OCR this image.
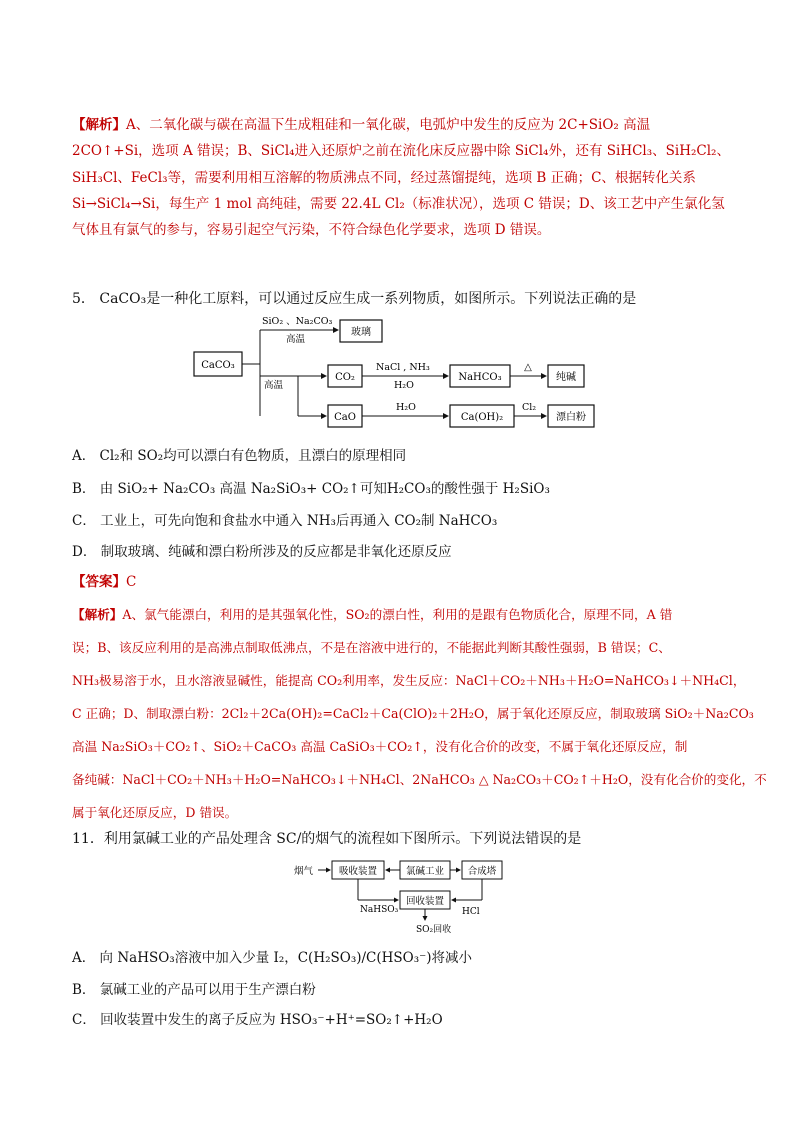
【解析】A、二氧化碳与碳在高温下生成粗硅和一氧化碳，电弧炉中发生的反应为 2C+SiO₂ 高温 2CO↑+Si，选项 A 错误；B、SiCl₄进入还原炉之前在流化床反应器中除 SiCl₄外，还有 SiHCl₃、SiH₂Cl₂、SiH₃Cl、FeCl₃等，需要利用相互溶解的物质沸点不同，经过蒸馏提纯，选项 B 正确；C、根据转化关系 Si→SiCl₄→Si，每生产 1 mol 高纯硅，需要 22.4L Cl₂（标准状况），选项 C 错误；D、该工艺中产生氯化氢气体且有氯气的参与，容易引起空气污染，不符合绿色化学要求，选项 D 错误。
5． CaCO₃是一种化工原料，可以通过反应生成一系列物质，如图所示。下列说法正确的是
CaCO₃
SiO₂ 、Na₂CO₃
高温
玻璃
高温
CO₂
NaCl , NH₃
H₂O
NaHCO₃
△
纯碱
CaO
H₂O
Ca(OH)₂
Cl₂
漂白粉
A． Cl₂和 SO₂均可以漂白有色物质，且漂白的原理相同
B． 由 SiO₂+ Na₂CO₃ 高温 Na₂SiO₃+ CO₂↑可知H₂CO₃的酸性强于 H₂SiO₃
C． 工业上，可先向饱和食盐水中通入 NH₃后再通入 CO₂制 NaHCO₃
D． 制取玻璃、纯碱和漂白粉所涉及的反应都是非氧化还原反应
【答案】C
【解析】A、氯气能漂白，利用的是其强氧化性，SO₂的漂白性，利用的是跟有色物质化合，原理不同，A 错
误；B、该反应利用的是高沸点制取低沸点，不是在溶液中进行的，不能据此判断其酸性强弱，B 错误；C、
NH₃极易溶于水，且水溶液显碱性，能提高 CO₂利用率，发生反应：NaCl＋CO₂＋NH₃＋H₂O=NaHCO₃↓＋NH₄Cl，
C 正确；D、制取漂白粉：2Cl₂＋2Ca(OH)₂=CaCl₂＋Ca(ClO)₂＋2H₂O，属于氧化还原反应，制取玻璃 SiO₂＋Na₂CO₃
高温 Na₂SiO₃＋CO₂↑、SiO₂＋CaCO₃ 高温 CaSiO₃＋CO₂↑，没有化合价的改变，不属于氧化还原反应，制
备纯碱：NaCl＋CO₂＋NH₃＋H₂O=NaHCO₃↓＋NH₄Cl、2NaHCO₃ △ Na₂CO₃＋CO₂↑＋H₂O，没有化合价的变化，不
属于氧化还原反应，D 错误。
11．利用氯碱工业的产品处理含 SC/的烟气的流程如下图所示。下列说法错误的是
烟气	吸收装置	氯碱工业 合成塔
NaHSO₃
回收装置
HCl
SO₂回收
A． 向 NaHSO₃溶液中加入少量 I₂，C(H₂SO₃)/C(HSO₃⁻)将减小
B． 氯碱工业的产品可以用于生产漂白粉
C． 回收装置中发生的离子反应为 HSO₃⁻+H⁺=SO₂↑+H₂O
